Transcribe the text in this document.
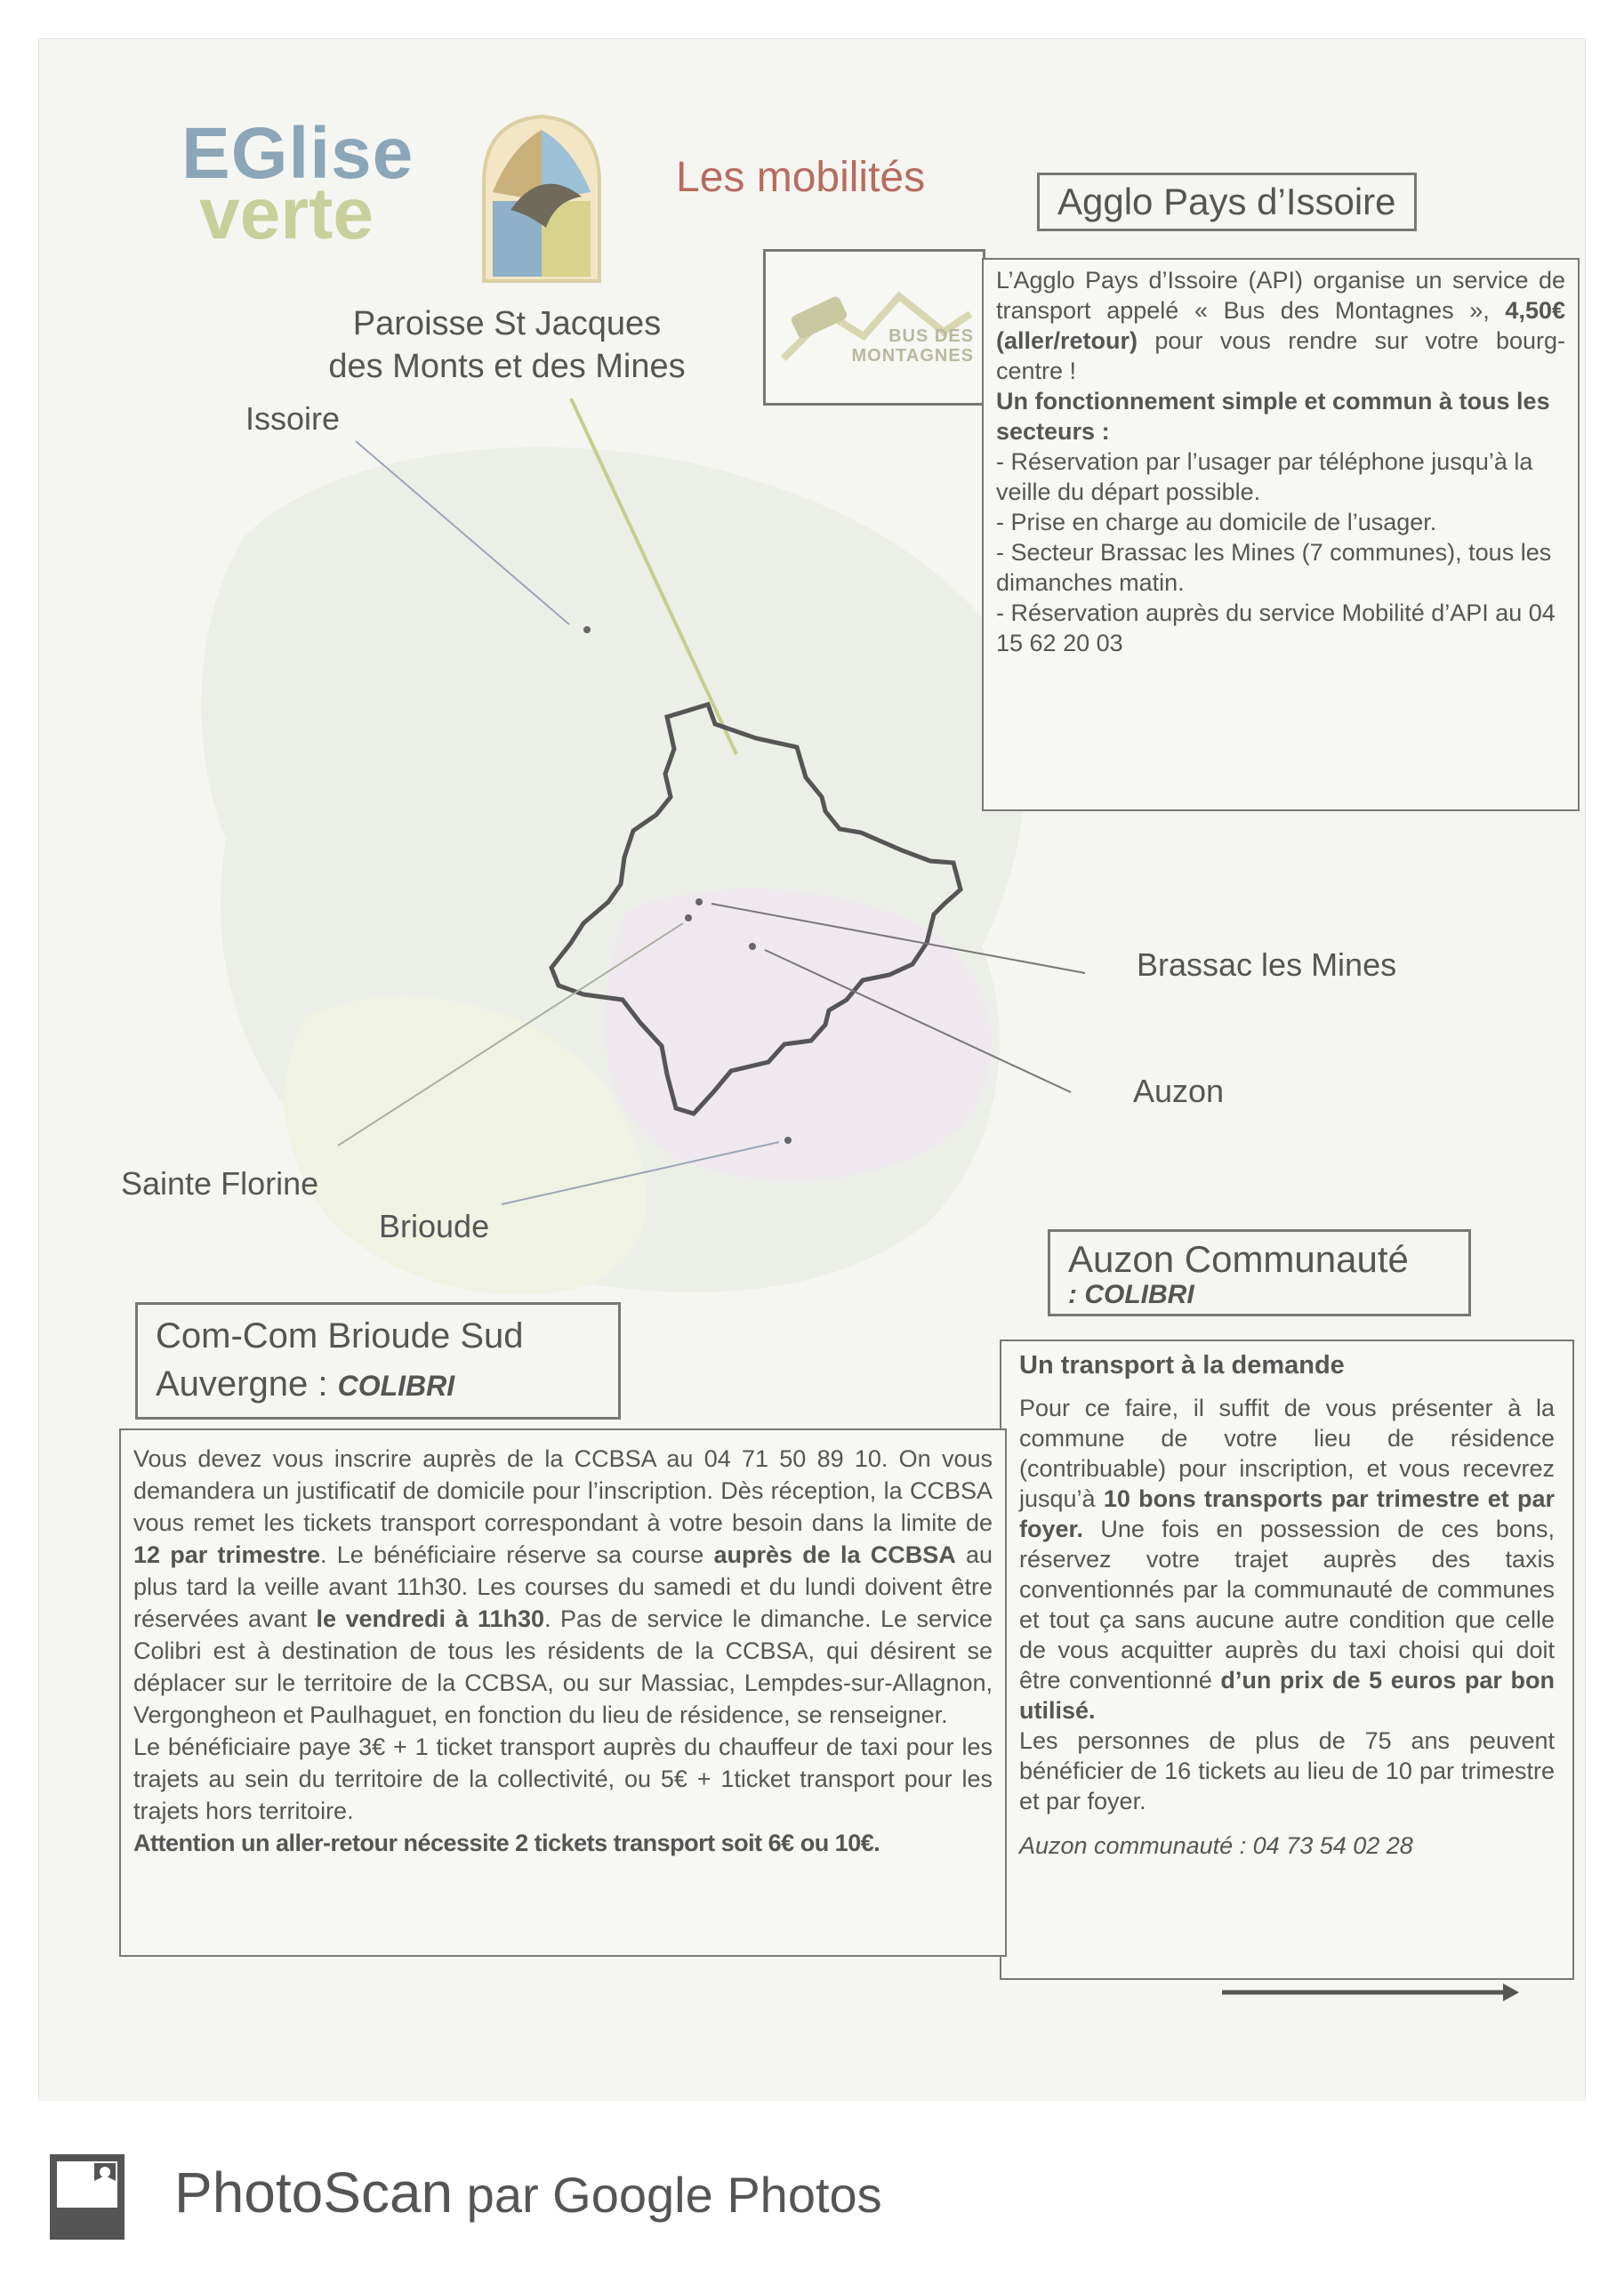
EGlise
verte	Les mobilités
Paroisse St Jacques
des Monts et des Mines
Issoire
Brassac les Mines
Auzon
Sainte Florine
Brioude
Agglo Pays d’Issoire
BUS DES
MONTAGNES

L’Agglo Pays d’Issoire (API) organise un service de transport appelé « Bus des Montagnes », 4,50€ (aller/retour) pour vous rendre sur votre bourg-centre !

Un fonctionnement simple et commun à tous les secteurs :

- Réservation par l’usager par téléphone jusqu’à la veille du départ possible.

- Prise en charge au domicile de l’usager.

- Secteur Brassac les Mines (7 communes), tous les dimanches matin.

- Réservation auprès du service Mobilité d’API au 04 15 62 20 03

Auzon Communauté
: COLIBRI

Un transport à la demande

Pour ce faire, il suffit de vous présenter à la commune de votre lieu de résidence (contribuable) pour inscription, et vous recevrez jusqu’à 10 bons transports par trimestre et par foyer. Une fois en possession de ces bons, réservez votre trajet auprès des taxis conventionnés par la communauté de communes et tout ça sans aucune autre condition que celle de vous acquitter auprès du taxi choisi qui doit être conventionné d’un prix de 5 euros par bon utilisé.

Les personnes de plus de 75 ans peuvent bénéficier de 16 tickets au lieu de 10 par trimestre et par foyer.

Auzon communauté : 04 73 54 02 28

Com-Com Brioude Sud
Auvergne : COLIBRI

Vous devez vous inscrire auprès de la CCBSA au 04 71 50 89 10. On vous demandera un justificatif de domicile pour l’inscription. Dès réception, la CCBSA vous remet les tickets transport correspondant à votre besoin dans la limite de 12 par trimestre. Le bénéficiaire réserve sa course auprès de la CCBSA au plus tard la veille avant 11h30. Les courses du samedi et du lundi doivent être réservées avant le vendredi à 11h30. Pas de service le dimanche. Le service Colibri est à destination de tous les résidents de la CCBSA, qui désirent se déplacer sur le territoire de la CCBSA, ou sur Massiac, Lempdes-sur-Allagnon, Vergongheon et Paulhaguet, en fonction du lieu de résidence, se renseigner.

Le bénéficiaire paye 3€ + 1 ticket transport auprès du chauffeur de taxi pour les trajets au sein du territoire de la collectivité, ou 5€ + 1ticket transport pour les trajets hors territoire.

Attention un aller-retour nécessite 2 tickets transport soit 6€ ou 10€.

PhotoScan par Google Photos
